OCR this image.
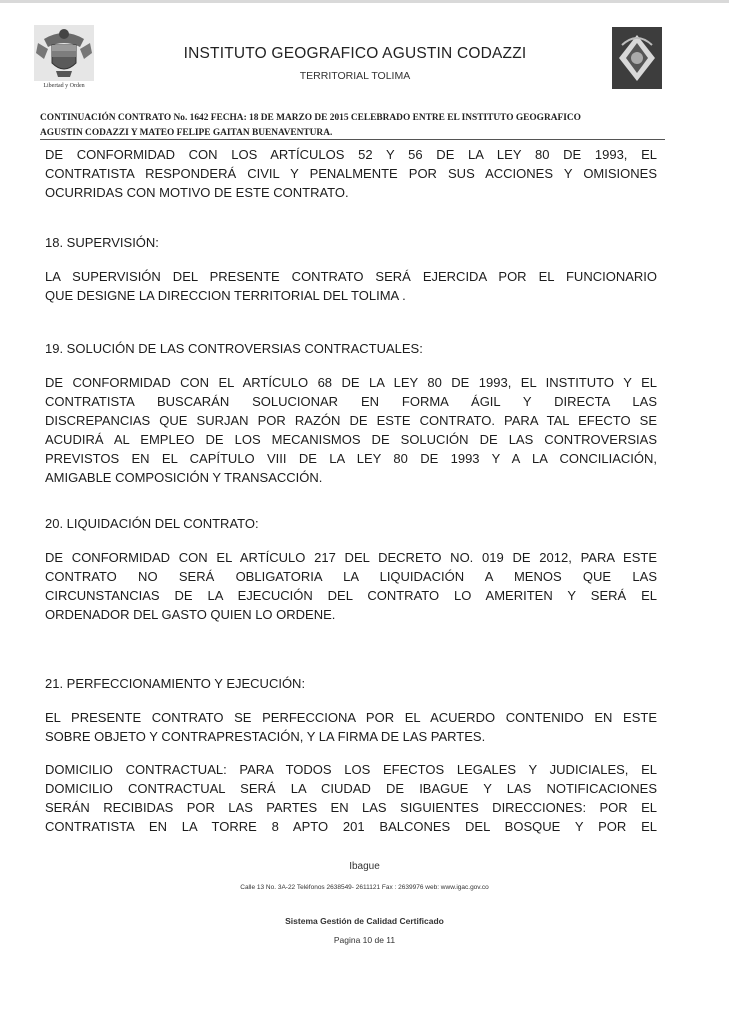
Libertad y Orden
INSTITUTO GEOGRAFICO AGUSTIN CODAZZI
TERRITORIAL TOLIMA
CONTINUACIÓN CONTRATO No. 1642 FECHA: 18 DE MARZO DE 2015 CELEBRADO ENTRE EL INSTITUTO GEOGRAFICO
AGUSTIN CODAZZI Y MATEO FELIPE GAITAN BUENAVENTURA.
DE CONFORMIDAD CON LOS ARTÍCULOS 52 Y 56 DE LA LEY 80 DE 1993, EL
CONTRATISTA RESPONDERÁ CIVIL Y PENALMENTE POR SUS ACCIONES Y OMISIONES
OCURRIDAS CON MOTIVO DE ESTE CONTRATO.
18. SUPERVISIÓN:
LA SUPERVISIÓN DEL PRESENTE CONTRATO SERÁ EJERCIDA POR EL FUNCIONARIO
QUE DESIGNE LA DIRECCION TERRITORIAL DEL TOLIMA .
19. SOLUCIÓN DE LAS CONTROVERSIAS CONTRACTUALES:
DE CONFORMIDAD CON EL ARTÍCULO 68 DE LA LEY 80 DE 1993, EL INSTITUTO Y EL
CONTRATISTA BUSCARÁN SOLUCIONAR EN FORMA ÁGIL Y DIRECTA LAS
DISCREPANCIAS QUE SURJAN POR RAZÓN DE ESTE CONTRATO. PARA TAL EFECTO SE
ACUDIRÁ AL EMPLEO DE LOS MECANISMOS DE SOLUCIÓN DE LAS CONTROVERSIAS
PREVISTOS EN EL CAPÍTULO VIII DE LA LEY 80 DE 1993 Y A LA CONCILIACIÓN,
AMIGABLE COMPOSICIÓN Y TRANSACCIÓN.
20. LIQUIDACIÓN DEL CONTRATO:
DE CONFORMIDAD CON EL ARTÍCULO 217 DEL DECRETO NO. 019 DE 2012, PARA ESTE
CONTRATO NO SERÁ OBLIGATORIA LA LIQUIDACIÓN A MENOS QUE LAS
CIRCUNSTANCIAS DE LA EJECUCIÓN DEL CONTRATO LO AMERITEN Y SERÁ EL
ORDENADOR DEL GASTO QUIEN LO ORDENE.
21. PERFECCIONAMIENTO Y EJECUCIÓN:
EL PRESENTE CONTRATO SE PERFECCIONA POR EL ACUERDO CONTENIDO EN ESTE
SOBRE OBJETO Y CONTRAPRESTACIÓN, Y LA FIRMA DE LAS PARTES.
DOMICILIO CONTRACTUAL: PARA TODOS LOS EFECTOS LEGALES Y JUDICIALES, EL
DOMICILIO CONTRACTUAL SERÁ LA CIUDAD DE IBAGUE Y LAS NOTIFICACIONES
SERÁN RECIBIDAS POR LAS PARTES EN LAS SIGUIENTES DIRECCIONES: POR EL
CONTRATISTA EN LA TORRE 8 APTO 201 BALCONES DEL BOSQUE Y POR EL
Ibague
Calle 13 No. 3A-22 Teléfonos 2638549- 2611121 Fax : 2639976 web: www.igac.gov.co
Sistema Gestión de Calidad Certificado
Pagina 10 de 11
